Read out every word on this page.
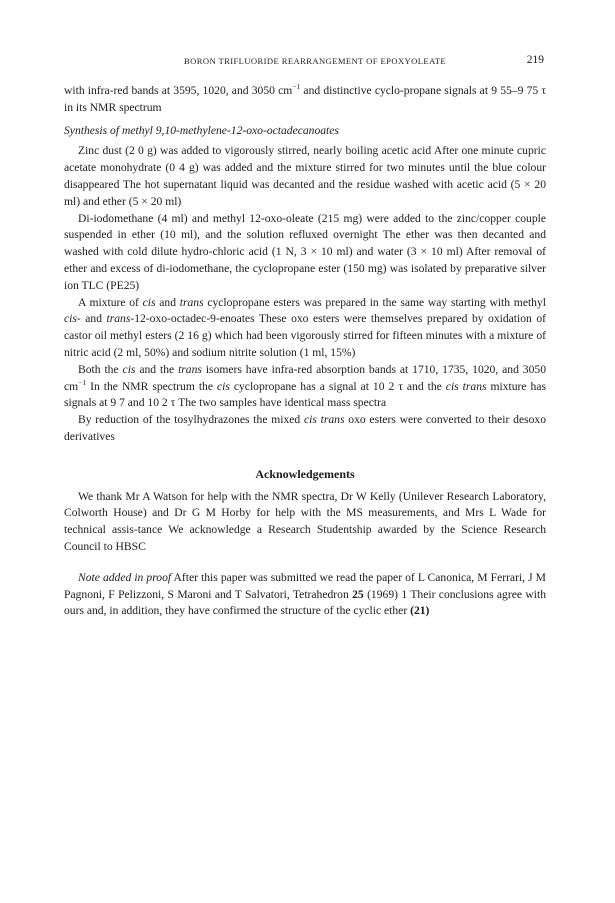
BORON TRIFLUORIDE REARRANGEMENT OF EPOXYOLEATE	219

with infra-red bands at 3595, 1020, and 3050 $cm^{-1}$ and distinctive cyclo-propane signals at 9 55–9 75 τ in its NMR spectrum

Synthesis of methyl 9,10-methylene-12-oxo-octadecanoates

Zinc dust (2 0 g) was added to vigorously stirred, nearly boiling acetic acid After one minute cupric acetate monohydrate (0 4 g) was added and the mixture stirred for two minutes until the blue colour disappeared The hot supernatant liquid was decanted and the residue washed with acetic acid (5 × 20 ml) and ether (5 × 20 ml)

Di-iodomethane (4 ml) and methyl 12-oxo-oleate (215 mg) were added to the zinc/copper couple suspended in ether (10 ml), and the solution refluxed overnight The ether was then decanted and washed with cold dilute hydro-chloric acid (1 N, 3 × 10 ml) and water (3 × 10 ml) After removal of ether and excess of di-iodomethane, the cyclopropane ester (150 mg) was isolated by preparative silver ion TLC (PE25)

A mixture of cis and trans cyclopropane esters was prepared in the same way starting with methyl cis- and trans-12-oxo-octadec-9-enoates These oxo esters were themselves prepared by oxidation of castor oil methyl esters (2 16 g) which had been vigorously stirred for fifteen minutes with a mixture of nitric acid (2 ml, 50%) and sodium nitrite solution (1 ml, 15%)

Both the cis and the trans isomers have infra-red absorption bands at 1710, 1735, 1020, and 3050 $cm^{-1}$ In the NMR spectrum the cis cyclopropane has a signal at 10 2 τ and the cis trans mixture has signals at 9 7 and 10 2 τ The two samples have identical mass spectra

By reduction of the tosylhydrazones the mixed cis trans oxo esters were converted to their desoxo derivatives

Acknowledgements

We thank Mr A Watson for help with the NMR spectra, Dr W Kelly (Unilever Research Laboratory, Colworth House) and Dr G M Horby for help with the MS measurements, and Mrs L Wade for technical assis-tance We acknowledge a Research Studentship awarded by the Science Research Council to HBSC

Note added in proof After this paper was submitted we read the paper of L Canonica, M Ferrari, J M Pagnoni, F Pelizzoni, S Maroni and T Salvatori, Tetrahedron 25 (1969) 1 Their conclusions agree with ours and, in addition, they have confirmed the structure of the cyclic ether (21)
